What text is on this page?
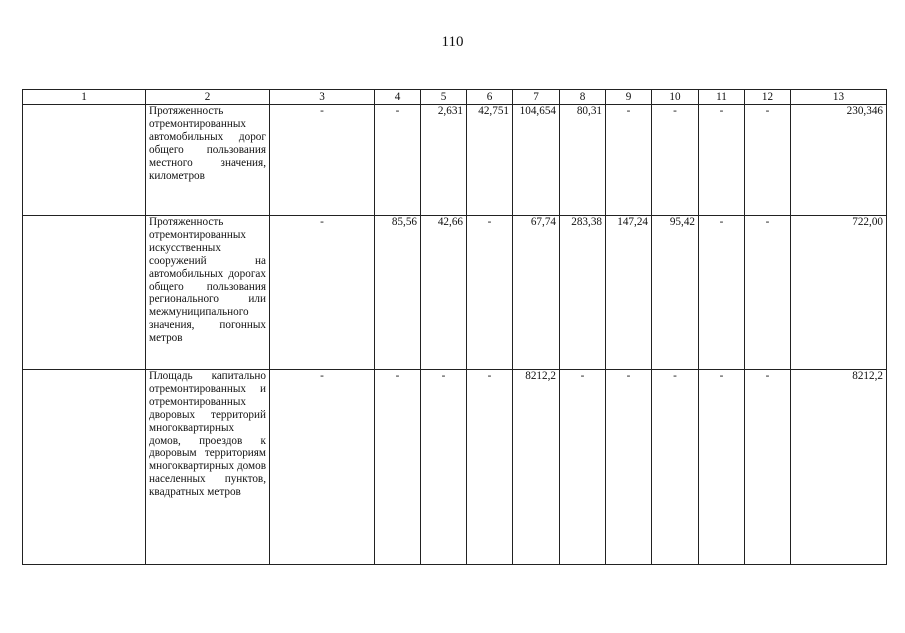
110
1	2	3	4	5	6	7	8	9	10	11	12	13
	Протяженность отремонтированных автомобильных дорог общего пользования местного значения, километров	-	-	2,631	42,751	104,654	80,31	-	-	-	-	230,346
	Протяженность отремонтированных искусственных сооружений на автомобильных дорогах общего пользования регионального или межмуниципального значения, погонных метров	-	85,56	42,66	-	67,74	283,38	147,24	95,42	-	-	722,00
	Площадь капитально отремонтированных и отремонтированных дворовых территорий многоквартирных домов, проездов к дворовым территориям многоквартирных домов населенных пунктов, квадратных метров	-	-	-	-	8212,2	-	-	-	-	-	8212,2
